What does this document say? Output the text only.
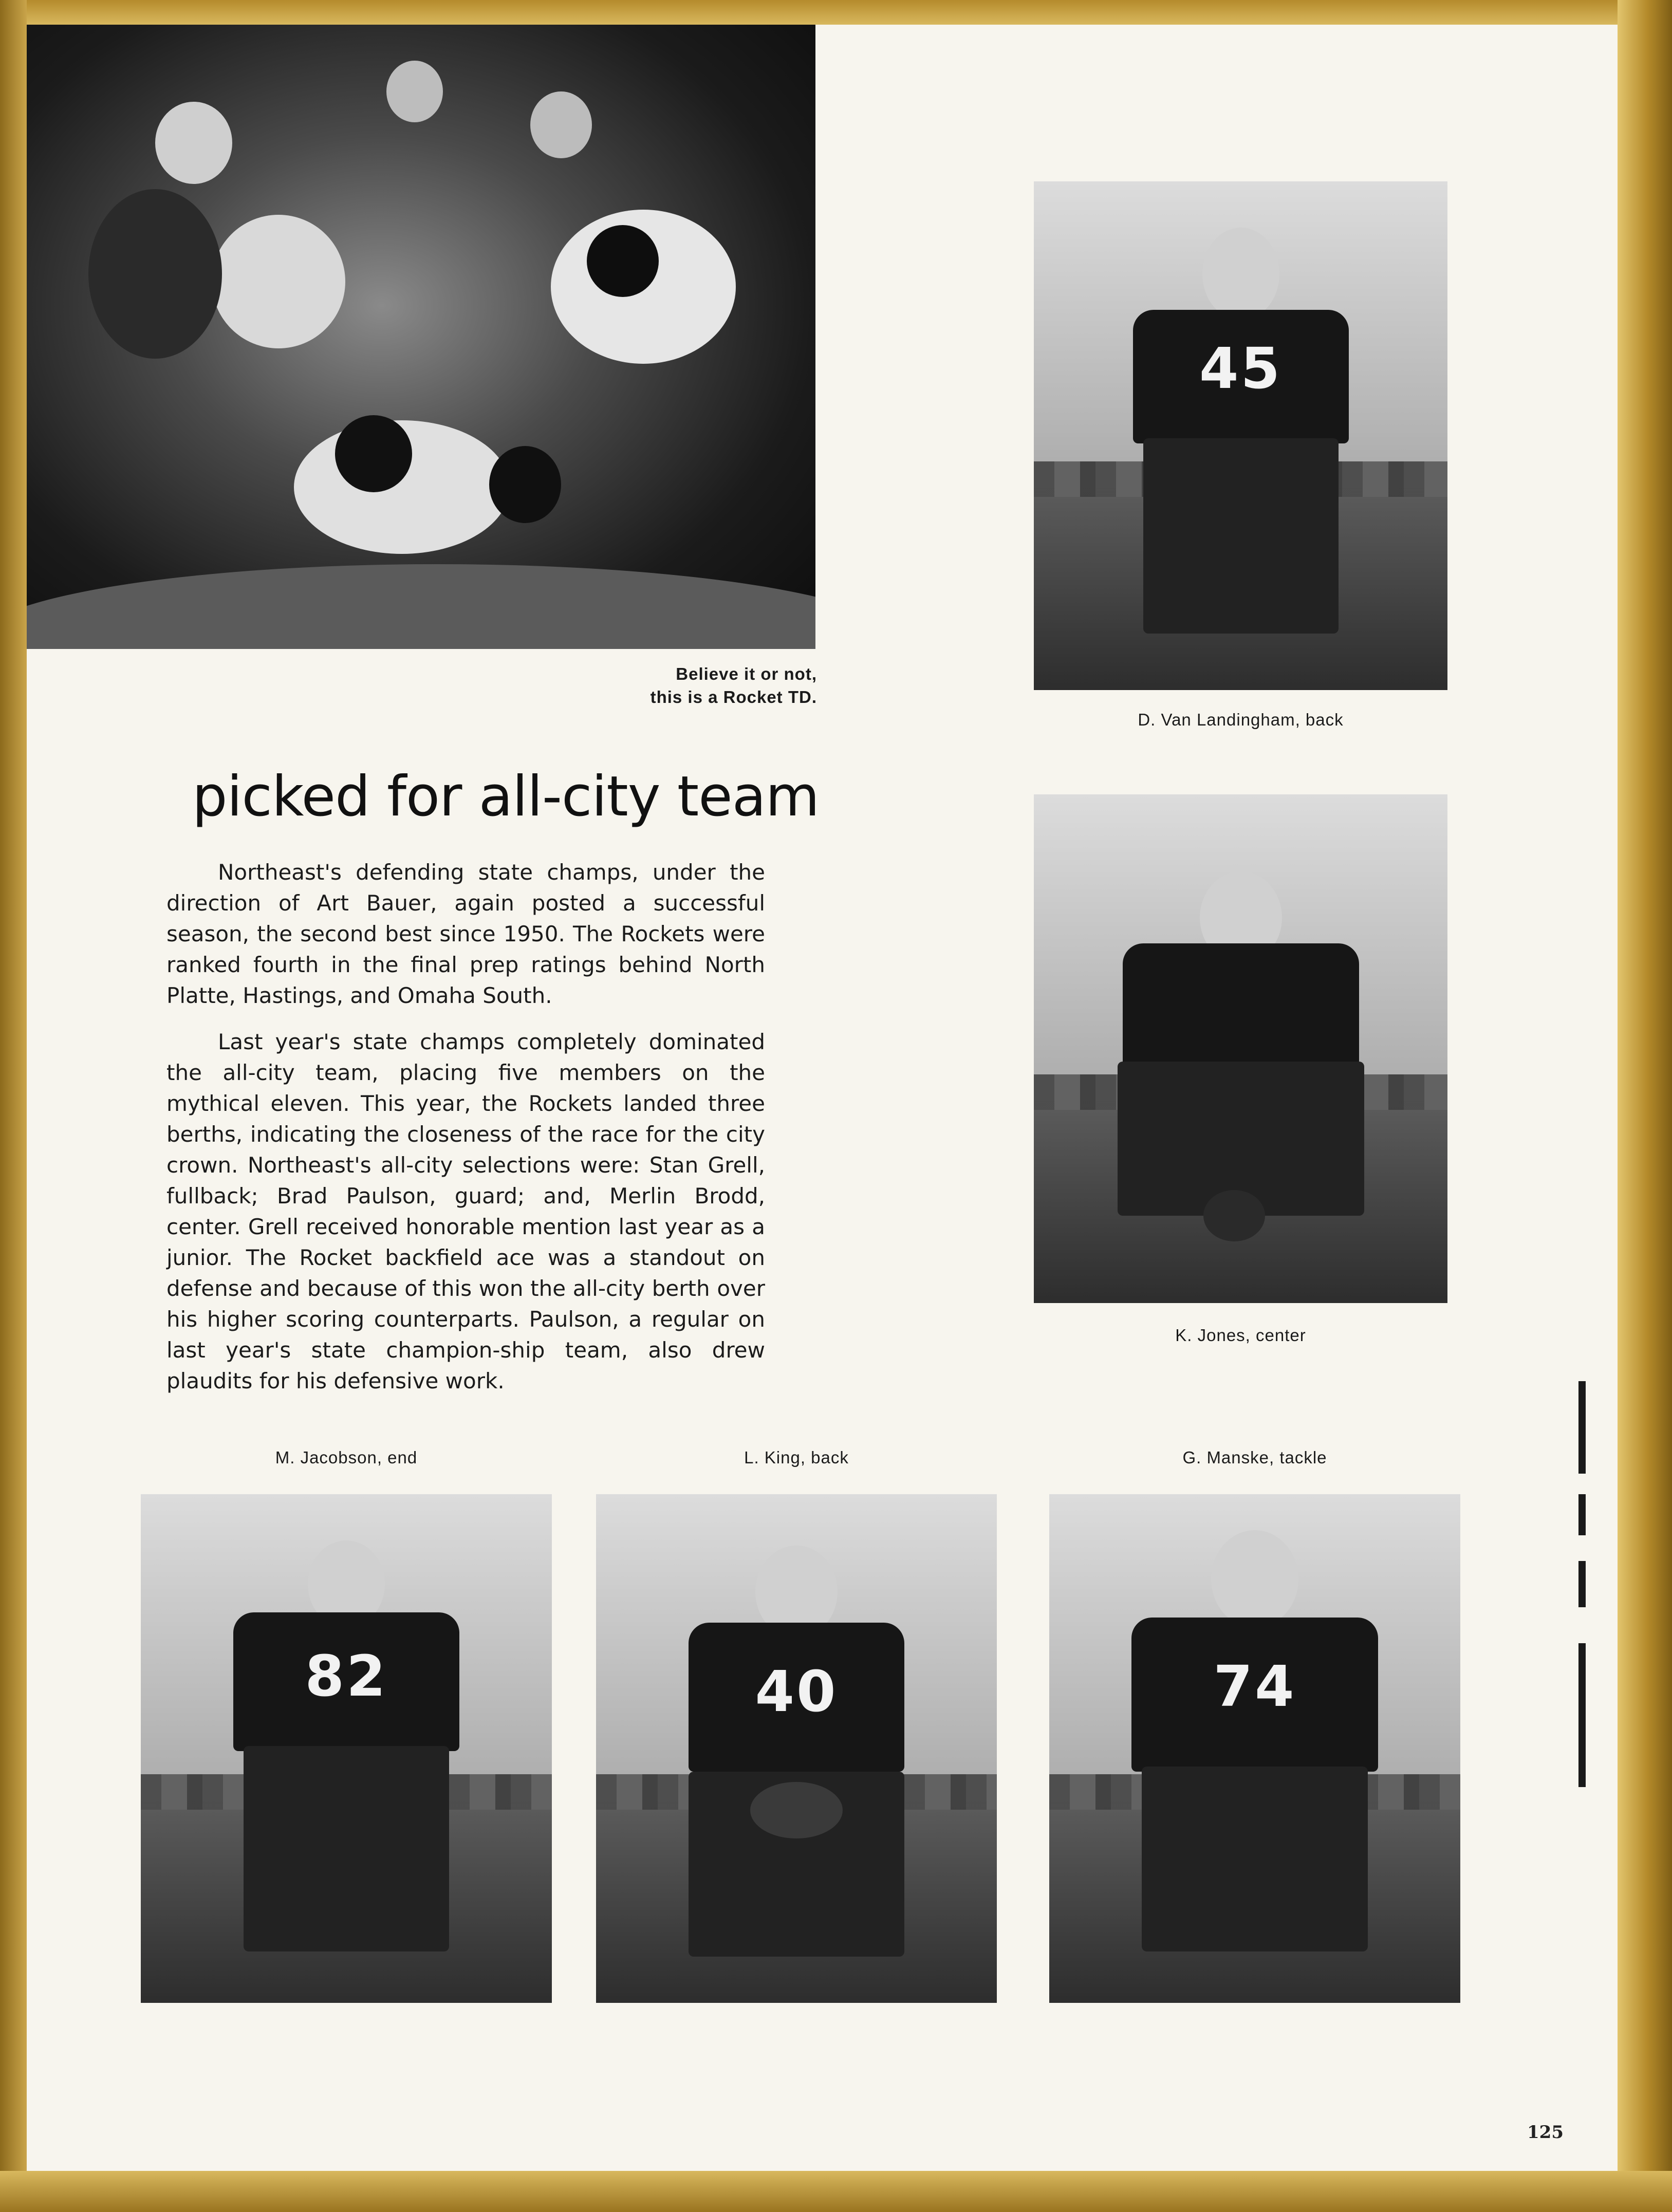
Believe it or not,
this is a Rocket TD.
45
D. Van Landingham, back
K. Jones, center
picked for all-city team

Northeast's defending state champs, under the direction of Art Bauer, again posted a successful season, the second best since 1950. The Rockets were ranked fourth in the final prep ratings behind North Platte, Hastings, and Omaha South.

Last year's state champs completely dominated the all-city team, placing five members on the mythical eleven. This year, the Rockets landed three berths, indicating the closeness of the race for the city crown. Northeast's all-city selections were: Stan Grell, fullback; Brad Paulson, guard; and, Merlin Brodd, center. Grell received honorable mention last year as a junior. The Rocket backfield ace was a standout on defense and because of this won the all-city berth over his higher scoring counterparts. Paulson, a regular on last year's state champion-ship team, also drew plaudits for his defensive work.

M. Jacobson, end	L. King, back	G. Manske, tackle
82	40	74
125
